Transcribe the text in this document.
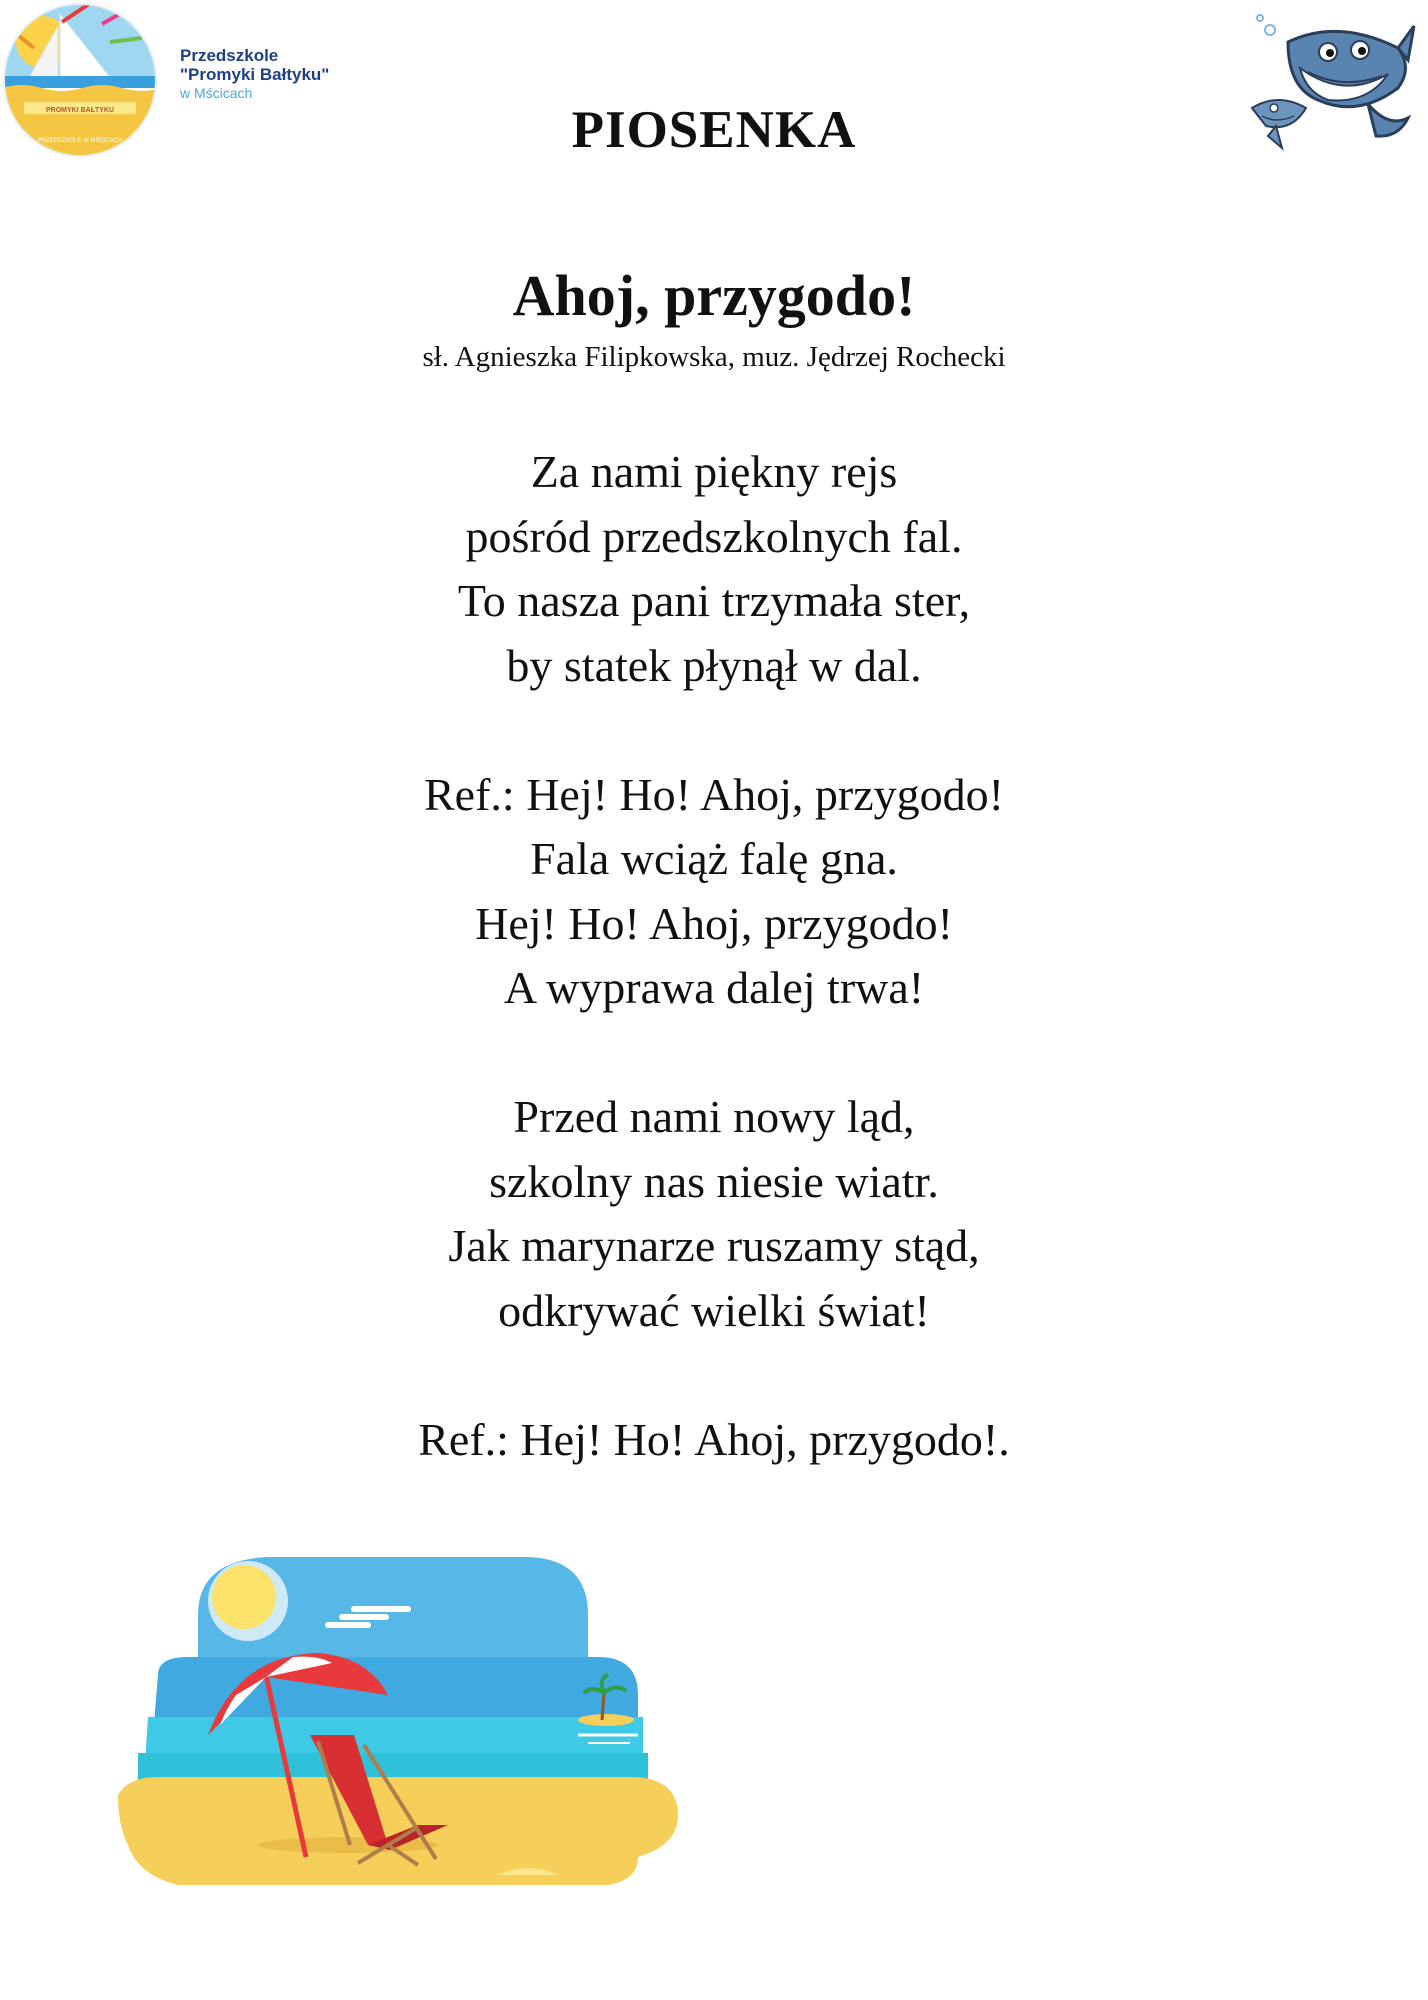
PROMYKI BAŁTYKU
PRZEDSZKOLE W MŚCICACH
Przedszkole
"Promyki Bałtyku"
w Mścicach
PIOSENKA
Ahoj, przygodo!

sł. Agnieszka Filipkowska, muz. Jędrzej Rochecki

Za nami piękny rejs
pośród przedszkolnych fal.
To nasza pani trzymała ster,
by statek płynął w dal.
Ref.: Hej! Ho! Ahoj, przygodo!
Fala wciąż falę gna.
Hej! Ho! Ahoj, przygodo!
A wyprawa dalej trwa!
Przed nami nowy ląd,
szkolny nas niesie wiatr.
Jak marynarze ruszamy stąd,
odkrywać wielki świat!
Ref.: Hej! Ho! Ahoj, przygodo!.
